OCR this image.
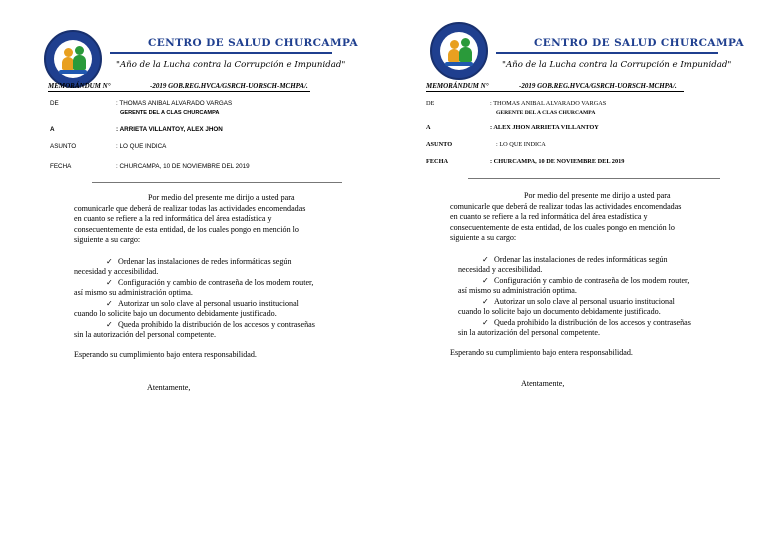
CENTRO DE SALUD CHURCAMPA
"Año de la Lucha contra la Corrupción e Impunidad"
MEMORÁNDUM N°	-2019 GOB.REG.HVCA/GSRCH-UORSCH-MCHPA/.
DE	: THOMAS ANIBAL ALVARADO VARGAS
GERENTE DEL A CLAS CHURCAMPA
A	: ARRIETA VILLANTOY, ALEX JHON
ASUNTO	: LO QUE INDICA
FECHA	: CHURCAMPA, 10 DE NOVIEMBRE DEL 2019
Por medio del presente me dirijo a usted para
comunicarle que deberá de realizar todas las actividades encomendadas
en cuanto se refiere a la red informática del área estadística y
consecuentemente de esta entidad, de los cuales pongo en mención lo
siguiente a su cargo:
✓ Ordenar las instalaciones de redes informáticas según
necesidad y accesibilidad.
✓ Configuración y cambio de contraseña de los modem router,
así mismo su administración optima.
✓ Autorizar un solo clave al personal usuario institucional
cuando lo solicite bajo un documento debidamente justificado.
✓ Queda prohibido la distribución de los accesos y contraseñas
sin la autorización del personal competente.
Esperando su cumplimiento bajo entera responsabilidad.
Atentamente,
CENTRO DE SALUD CHURCAMPA
"Año de la Lucha contra la Corrupción e Impunidad"
MEMORÁNDUM N°	-2019 GOB.REG.HVCA/GSRCH-UORSCH-MCHPA/.
DE	: THOMAS ANIBAL ALVARADO VARGAS
GERENTE DEL A CLAS CHURCAMPA
A	: ALEX JHON ARRIETA VILLANTOY
ASUNTO	: LO QUE INDICA
FECHA	: CHURCAMPA, 10 DE NOVIEMBRE DEL 2019
Por medio del presente me dirijo a usted para
comunicarle que deberá de realizar todas las actividades encomendadas
en cuanto se refiere a la red informática del área estadística y
consecuentemente de esta entidad, de los cuales pongo en mención lo
siguiente a su cargo:
✓ Ordenar las instalaciones de redes informáticas según
necesidad y accesibilidad.
✓ Configuración y cambio de contraseña de los modem router,
así mismo su administración optima.
✓ Autorizar un solo clave al personal usuario institucional
cuando lo solicite bajo un documento debidamente justificado.
✓ Queda prohibido la distribución de los accesos y contraseñas
sin la autorización del personal competente.
Esperando su cumplimiento bajo entera responsabilidad.
Atentamente,
